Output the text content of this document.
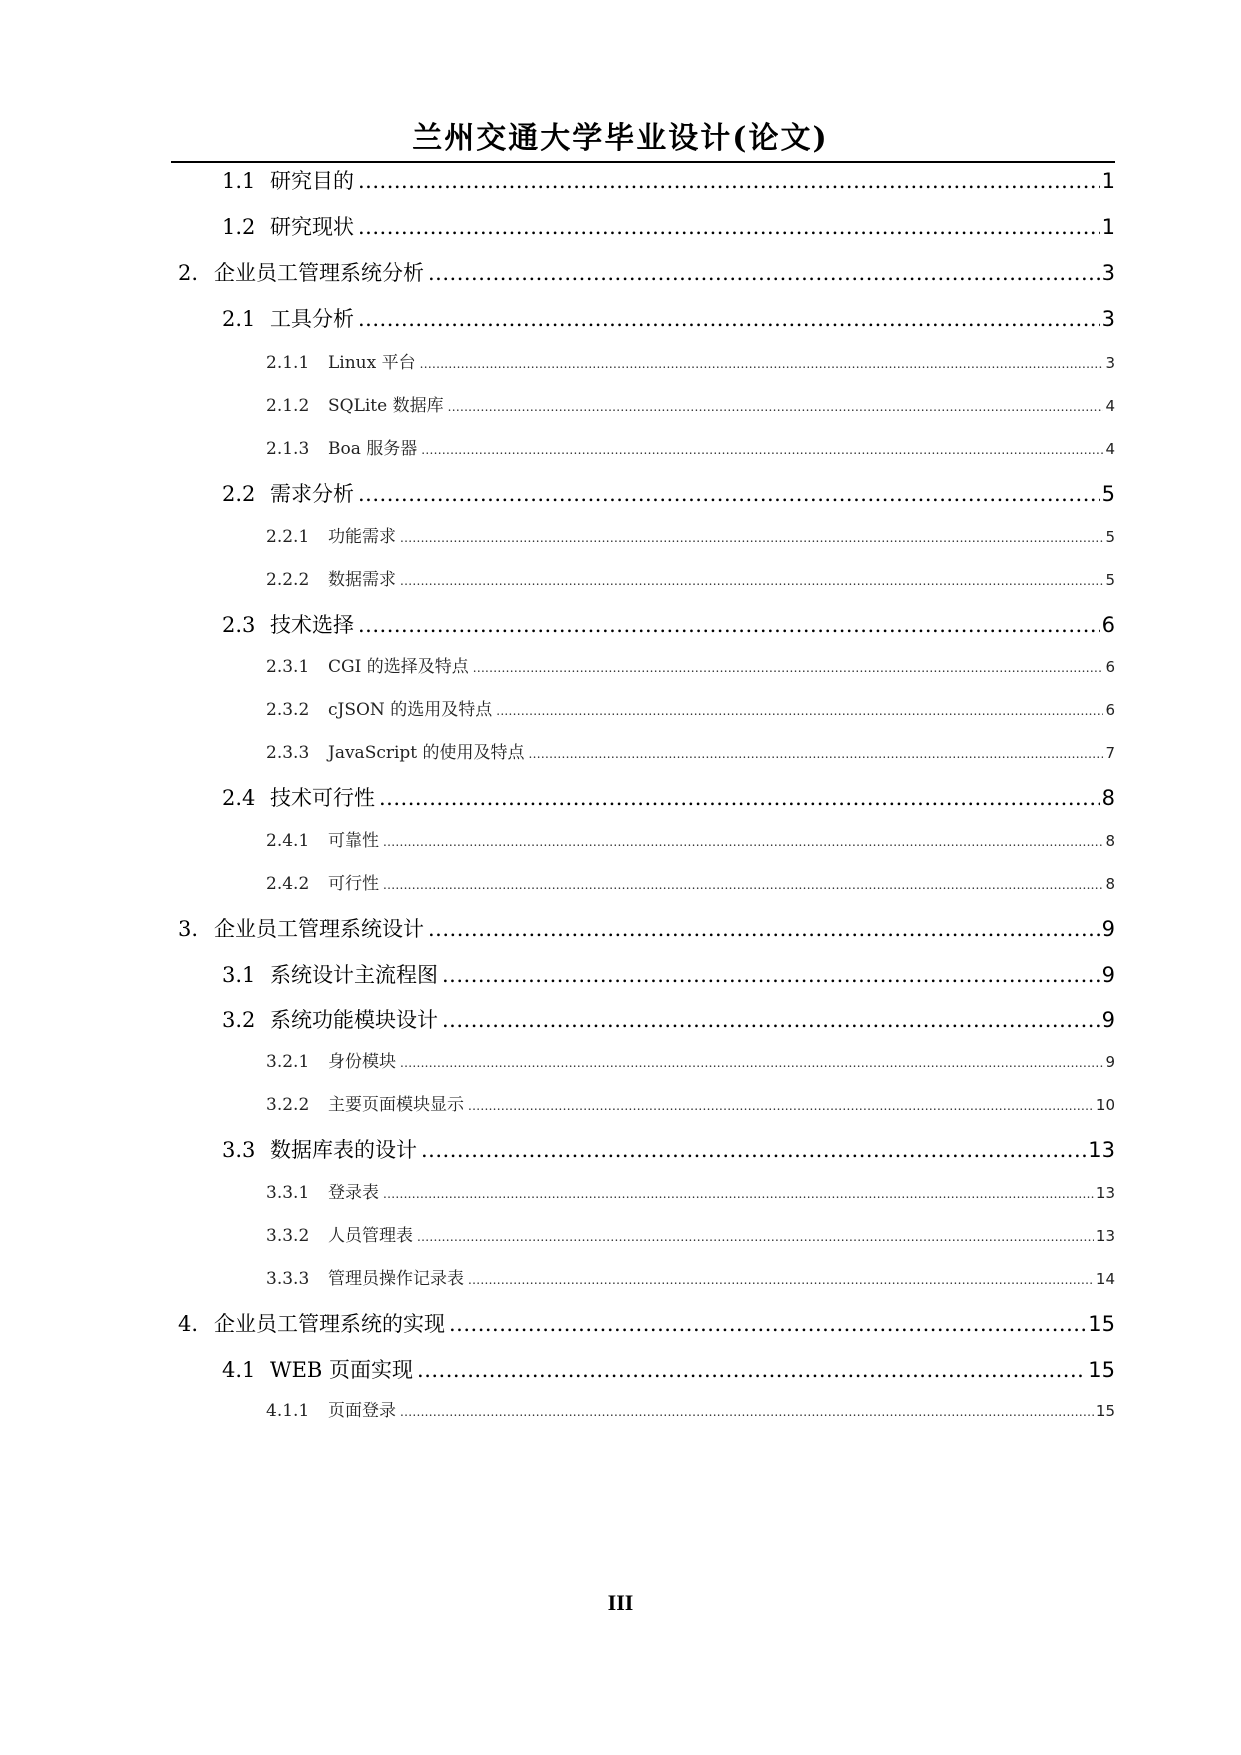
兰州交通大学毕业设计(论文)
1.1 研究目的 .....	1
1.2 研究现状 .....	1
2. 企业员工管理系统分析 .....	3
2.1 工具分析 .....	3
2.1.1	Linux 平台 .....	3
2.1.2	SQLite 数据库 .....	4
2.1.3	Boa 服务器 .....	4
2.2 需求分析 .....	5
2.2.1	功能需求 .....	5
2.2.2	数据需求 .....	5
2.3 技术选择 .....	6
2.3.1	CGI 的选择及特点 .....	6
2.3.2	cJSON 的选用及特点 .....	6
2.3.3	JavaScript 的使用及特点 .....	7
2.4 技术可行性 .....	8
2.4.1	可靠性 .....	8
2.4.2	可行性 .....	8
3. 企业员工管理系统设计 .....	9
3.1 系统设计主流程图 .....	9
3.2 系统功能模块设计 .....	9
3.2.1	身份模块 .....	9
3.2.2	主要页面模块显示 .....	10
3.3 数据库表的设计 .....	13
3.3.1	登录表 .....	13
3.3.2	人员管理表 .....	13
3.3.3	管理员操作记录表 .....	14
4. 企业员工管理系统的实现 .....	15
4.1 WEB 页面实现 .....	15
4.1.1	页面登录 .....	15
III
